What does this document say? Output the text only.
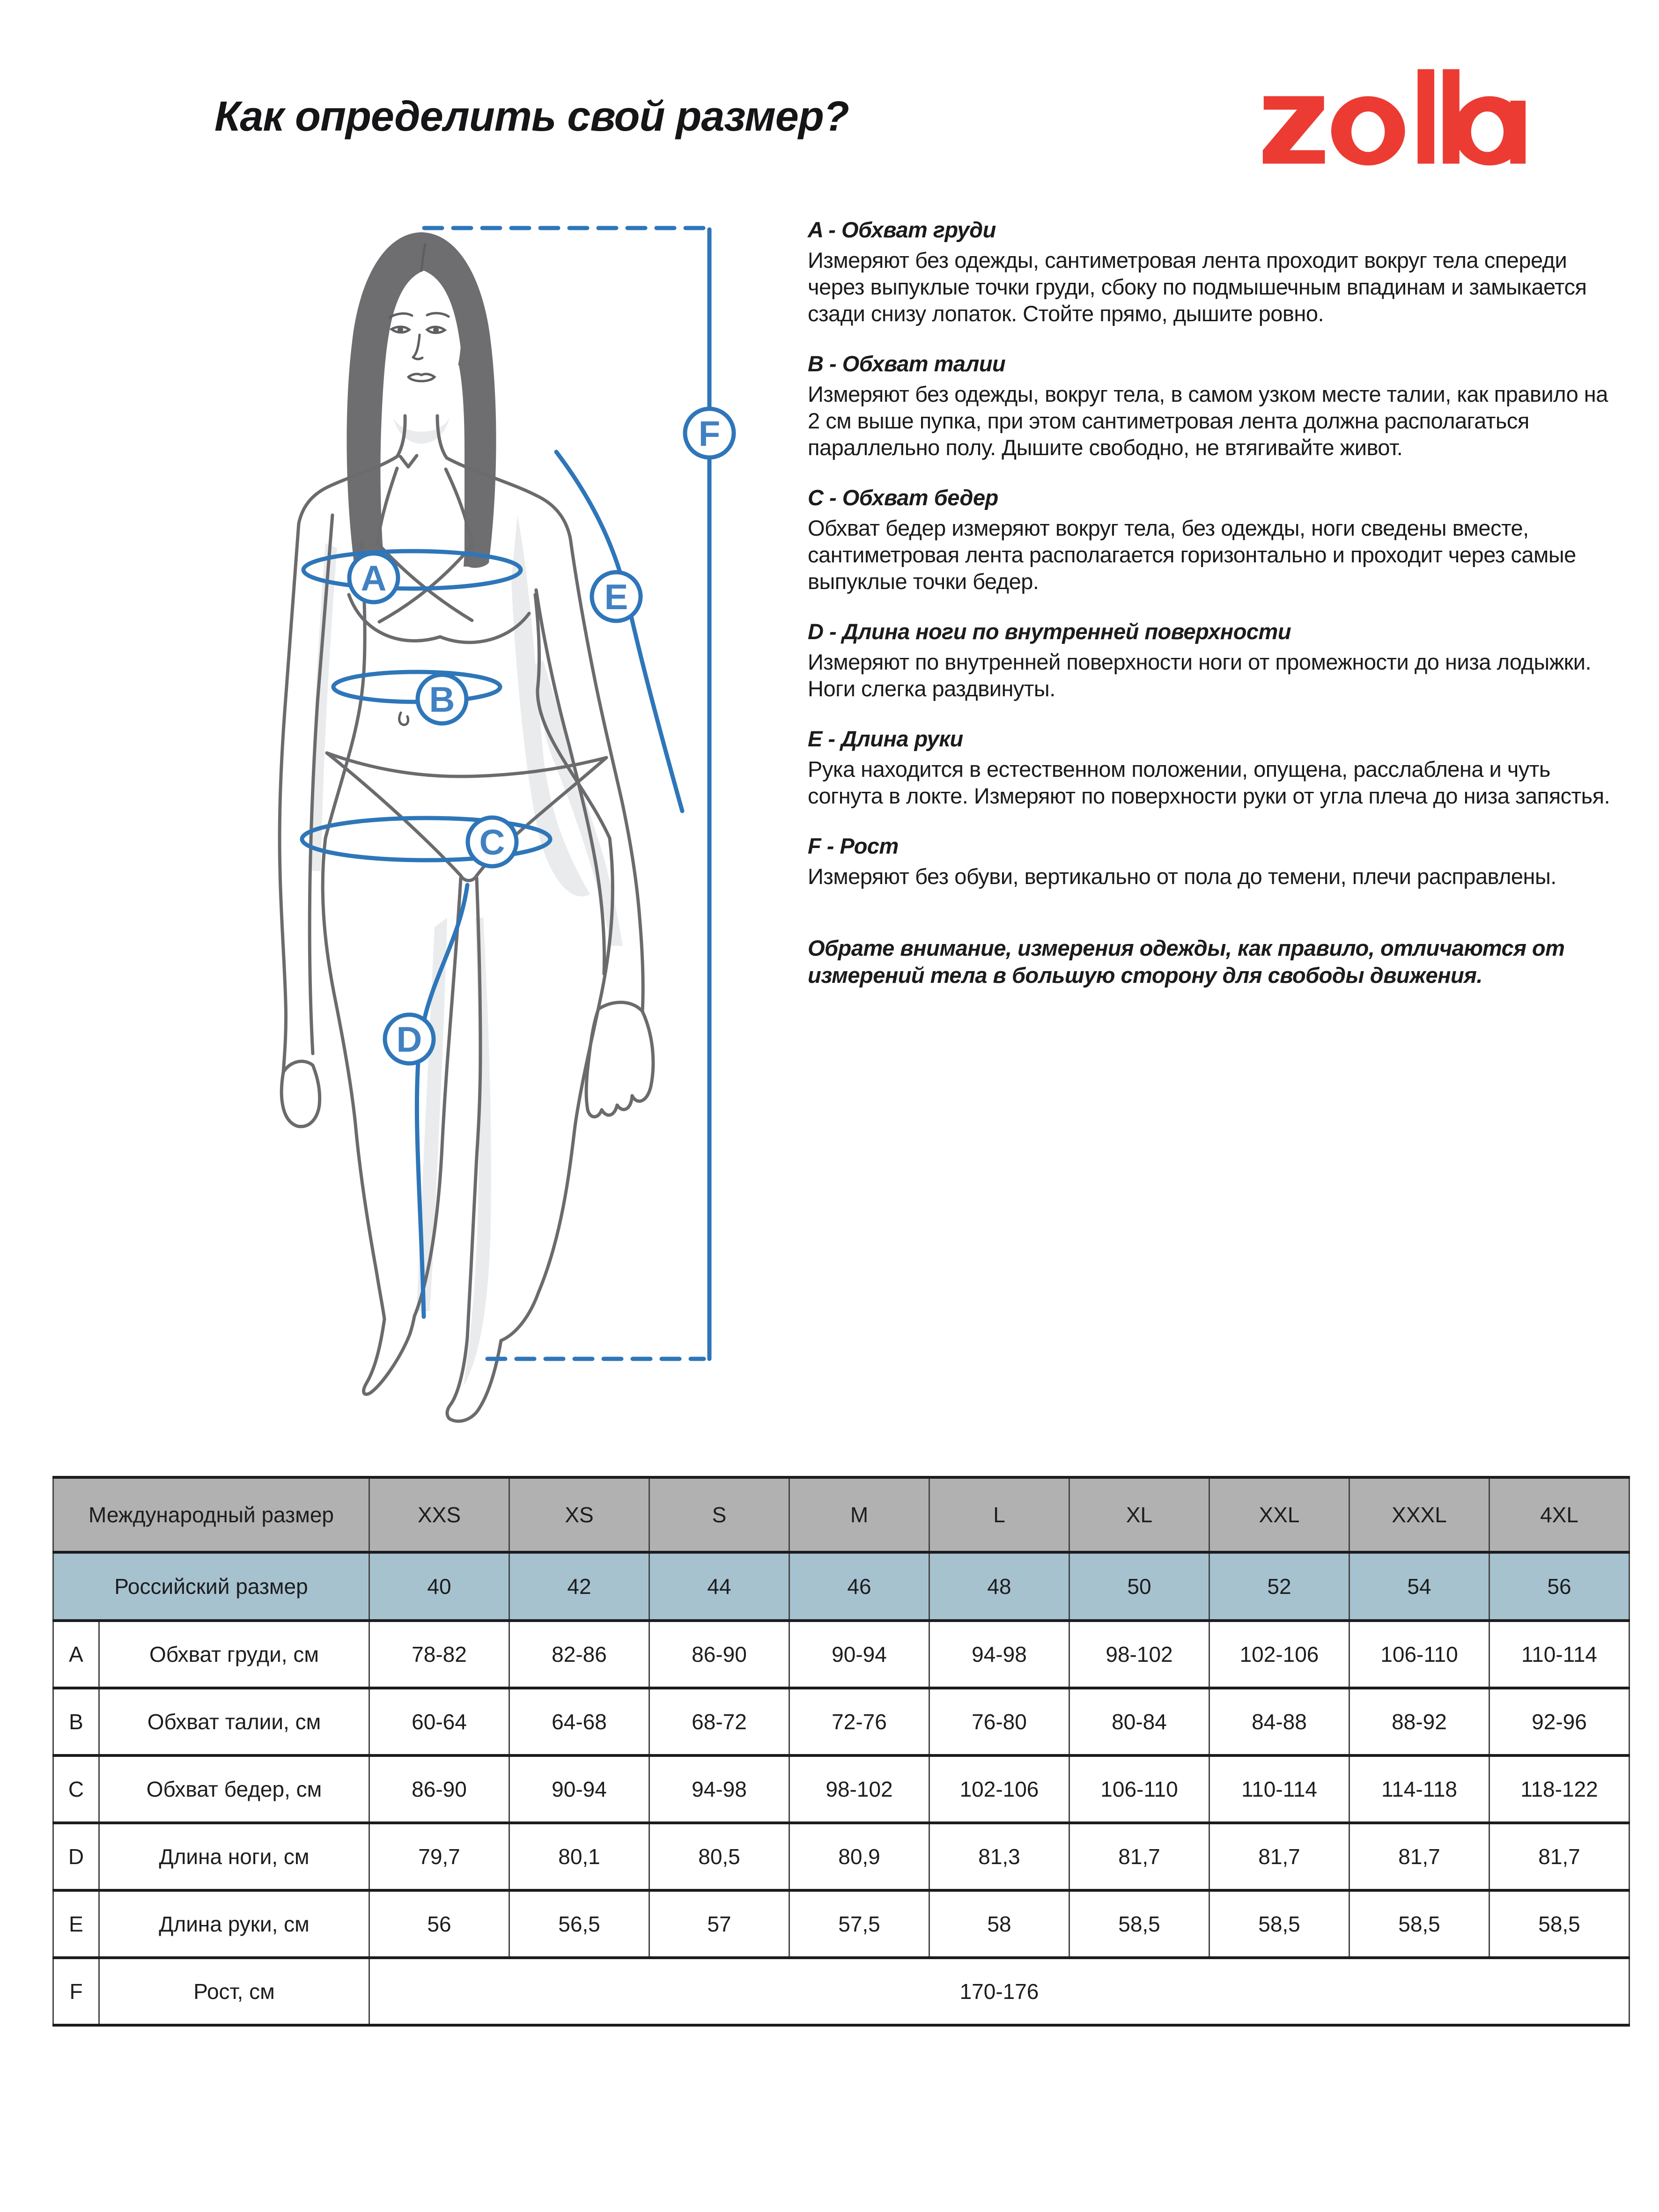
Как определить свой размер?
A
B
C
D
E
F
A - Обхват груди

Измеряют без одежды, сантиметровая лента проходит вокруг тела спереди через выпуклые точки груди, сбоку по подмышечным впадинам и замыкается сзади снизу лопаток. Стойте прямо, дышите ровно.

B - Обхват талии

Измеряют без одежды, вокруг тела, в самом узком месте талии, как правило на 2 см выше пупка, при этом сантиметровая лента должна располагаться параллельно полу. Дышите свободно, не втягивайте живот.

C - Обхват бедер

Обхват бедер измеряют вокруг тела, без одежды, ноги сведены вместе, сантиметровая лента располагается горизонтально и проходит через самые выпуклые точки бедер.

D - Длина ноги по внутренней поверхности

Измеряют по внутренней поверхности ноги от промежности до низа лодыжки. Ноги слегка раздвинуты.

E - Длина руки

Рука находится в естественном положении, опущена, расслаблена и чуть согнута в локте. Измеряют по поверхности руки от угла плеча до низа запястья.

F - Рост

Измеряют без обуви, вертикально от пола до темени, плечи расправлены.

Обрате внимание, измерения одежды, как правило, отличаются от измерений тела в большую сторону для свободы движения.

Международный размер		XXS	XS	S	M	L	XL	XXL	XXXL	4XL
Российский размер		40	42	44	46	48	50	52	54	56
A	Обхват груди, см	78-82	82-86	86-90	90-94	94-98	98-102	102-106	106-110	110-114
B	Обхват талии, см	60-64	64-68	68-72	72-76	76-80	80-84	84-88	88-92	92-96
C	Обхват бедер, см	86-90	90-94	94-98	98-102	102-106	106-110	110-114	114-118	118-122
D	Длина ноги, см	79,7	80,1	80,5	80,9	81,3	81,7	81,7	81,7	81,7
E	Длина руки, см	56	56,5	57	57,5	58	58,5	58,5	58,5	58,5
F	Рост, см	170-176								
